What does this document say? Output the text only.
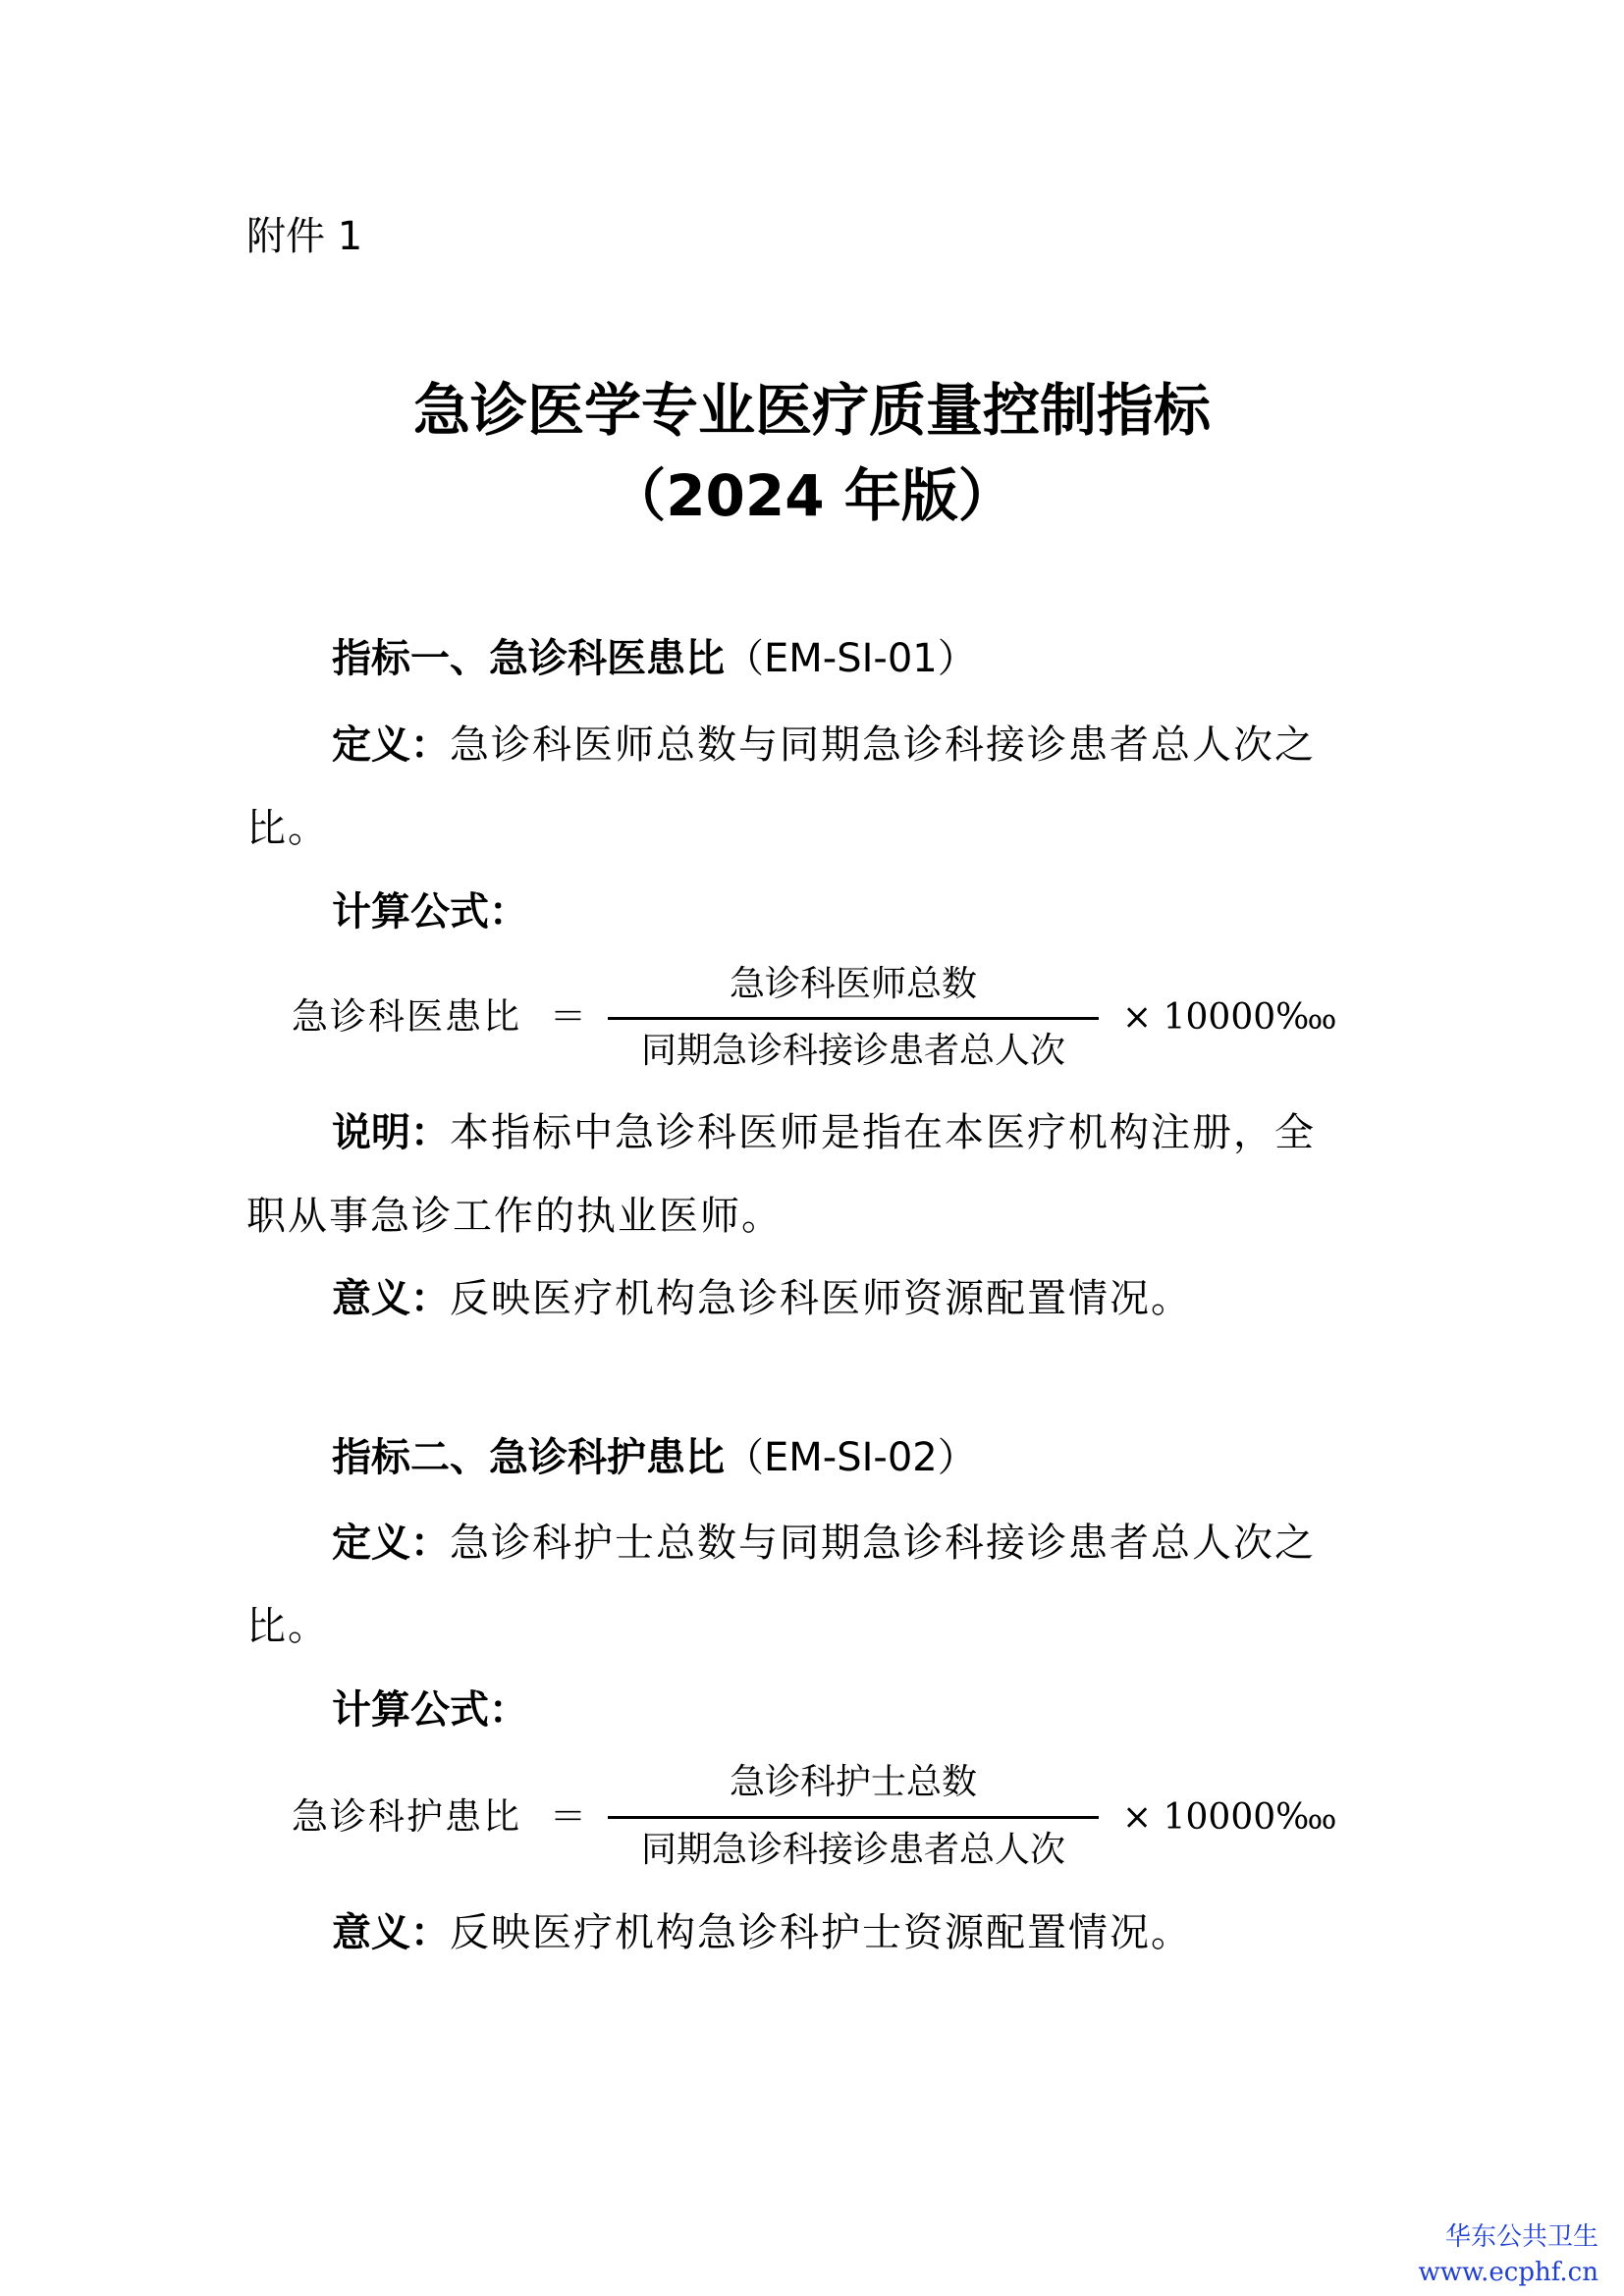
附件 1
急诊医学专业医疗质量控制指标
（2024 年版）
指标一、急诊科医患比（EM-SI-01）
定义：急诊科医师总数与同期急诊科接诊患者总人次之
比。
计算公式：
急诊科医患比 ＝
急诊科医师总数
同期急诊科接诊患者总人次
× 10000‱
说明：本指标中急诊科医师是指在本医疗机构注册，全
职从事急诊工作的执业医师。
意义：反映医疗机构急诊科医师资源配置情况。
指标二、急诊科护患比（EM-SI-02）
定义：急诊科护士总数与同期急诊科接诊患者总人次之
比。
计算公式：
急诊科护患比 ＝
急诊科护士总数
同期急诊科接诊患者总人次
× 10000‱
意义：反映医疗机构急诊科护士资源配置情况。
华东公共卫生
www.ecphf.cn
